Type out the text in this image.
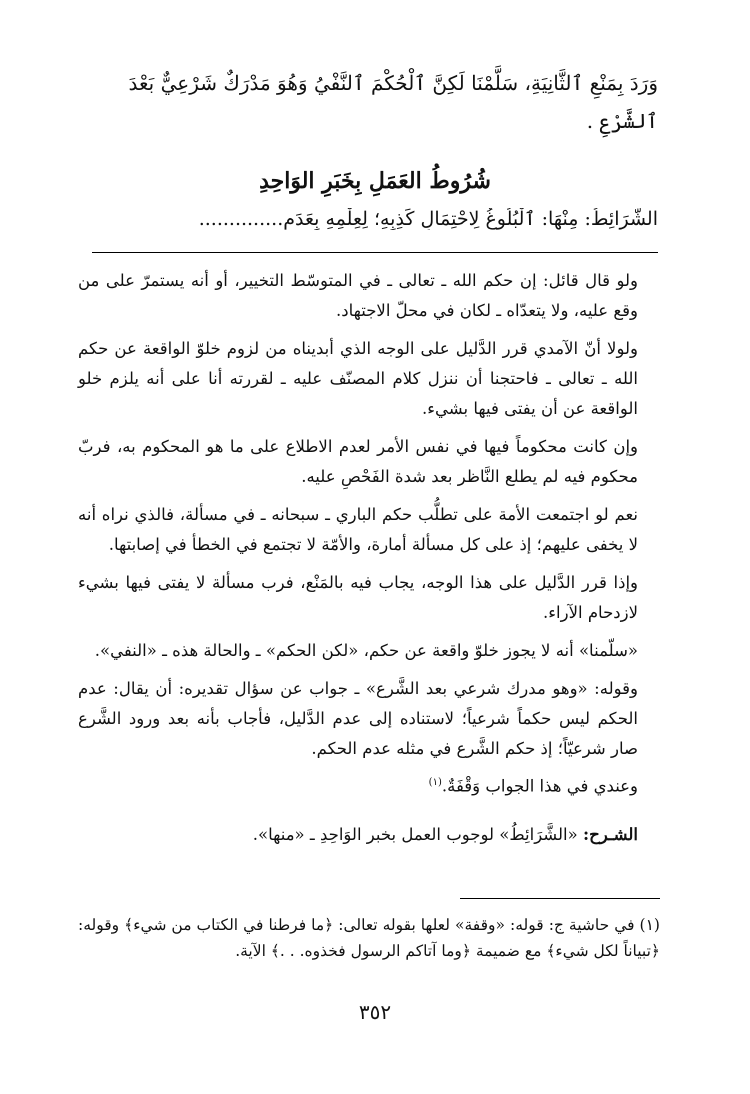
وَرَدَ بِمَنْعِ ٱلثَّانِيَةِ، سَلَّمْنَا لَكِنَّ ٱلْحُكْمَ ٱلنَّفْيُ وَهُوَ مَدْرَكٌ شَرْعِيٌّ بَعْدَ
ٱلشَّرْعِ .
شُرُوطُ العَمَلِ بِخَبَرِ الوَاحِدِ
الشَّرَائِطُ: مِنْهَا: ٱلْبُلُوغُ لِاحْتِمَالِ كَذِبِهِ؛ لِعِلْمِهِ بِعَدَمِ..............

ولو قال قائل: إن حكم الله ـ تعالى ـ في المتوسّط التخيير، أو أنه يستمرّ على من وقع عليه، ولا يتعدّاه ـ لكان في محلّ الاجتهاد.

ولولا أنّ الآمدي قرر الدَّليل على الوجه الذي أبديناه من لزوم خلوّ الواقعة عن حكم الله ـ تعالى ـ فاحتجنا أن ننزل كلام المصنّف عليه ـ لقررته أنا على أنه يلزم خلو الواقعة عن أن يفتى فيها بشيء.

وإن كانت محكوماً فيها في نفس الأمر لعدم الاطلاع على ما هو المحكوم به، فربّ محكوم فيه لم يطلع النَّاظر بعد شدة الفَحْصِ عليه.

نعم لو اجتمعت الأمة على تطلُّب حكم الباري ـ سبحانه ـ في مسألة، فالذي نراه أنه لا يخفى عليهم؛ إذ على كل مسألة أمارة، والأمّة لا تجتمع في الخطأ في إصابتها.

وإذا قرر الدَّليل على هذا الوجه، يجاب فيه بالمَنْع، فرب مسألة لا يفتى فيها بشيء لازدحام الآراء.

«سلّمنا» أنه لا يجوز خلوّ واقعة عن حكم، «لكن الحكم» ـ والحالة هذه ـ «النفي».

وقوله: «وهو مدرك شرعي بعد الشَّرع» ـ جواب عن سؤال تقديره: أن يقال: عدم الحكم ليس حكماً شرعياً؛ لاستناده إلى عدم الدَّليل، فأجاب بأنه بعد ورود الشَّرع صار شرعيّاً؛ إذ حكم الشَّرع في مثله عدم الحكم.

وعندي في هذا الجواب وَقْفَةٌ.$^{(١)}$

الشـرح: «الشَّرَائِطُ» لوجوب العمل بخبر الوَاحِدِ ـ «منها».

(١) في حاشية ج: قوله: «وقفة» لعلها بقوله تعالى: ﴿ما فرطنا في الكتاب من شيء﴾ وقوله: ﴿تبياناً لكل شيء﴾ مع ضميمة ﴿وما آتاكم الرسول فخذوه. . .﴾ الآية.
٣٥٢
